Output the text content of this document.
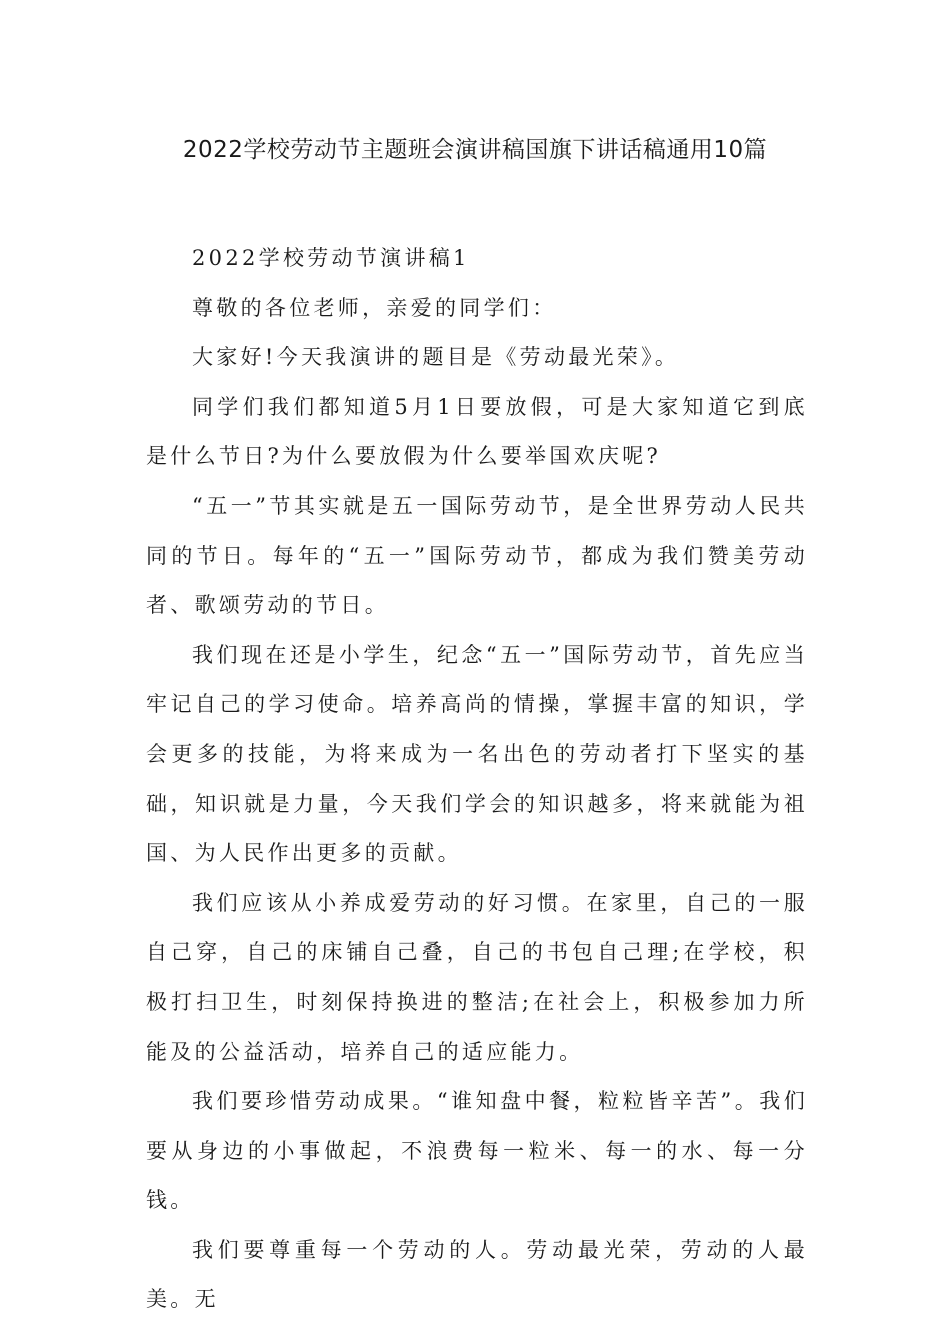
2022学校劳动节主题班会演讲稿国旗下讲话稿通用10篇

2022学校劳动节演讲稿1

尊敬的各位老师，亲爱的同学们：

大家好!今天我演讲的题目是《劳动最光荣》。

同学们我们都知道5月1日要放假，可是大家知道它到底是什么节日?为什么要放假为什么要举国欢庆呢?

“五一”节其实就是五一国际劳动节，是全世界劳动人民共同的节日。每年的“五一”国际劳动节，都成为我们赞美劳动者、歌颂劳动的节日。

我们现在还是小学生，纪念“五一”国际劳动节，首先应当牢记自己的学习使命。培养高尚的情操，掌握丰富的知识，学会更多的技能，为将来成为一名出色的劳动者打下坚实的基础，知识就是力量，今天我们学会的知识越多，将来就能为祖国、为人民作出更多的贡献。

我们应该从小养成爱劳动的好习惯。在家里，自己的一服自己穿，自己的床铺自己叠，自己的书包自己理;在学校，积极打扫卫生，时刻保持换进的整洁;在社会上，积极参加力所能及的公益活动，培养自己的适应能力。

我们要珍惜劳动成果。“谁知盘中餐，粒粒皆辛苦”。我们要从身边的小事做起，不浪费每一粒米、每一的水、每一分钱。

我们要尊重每一个劳动的人。劳动最光荣，劳动的人最美。无
